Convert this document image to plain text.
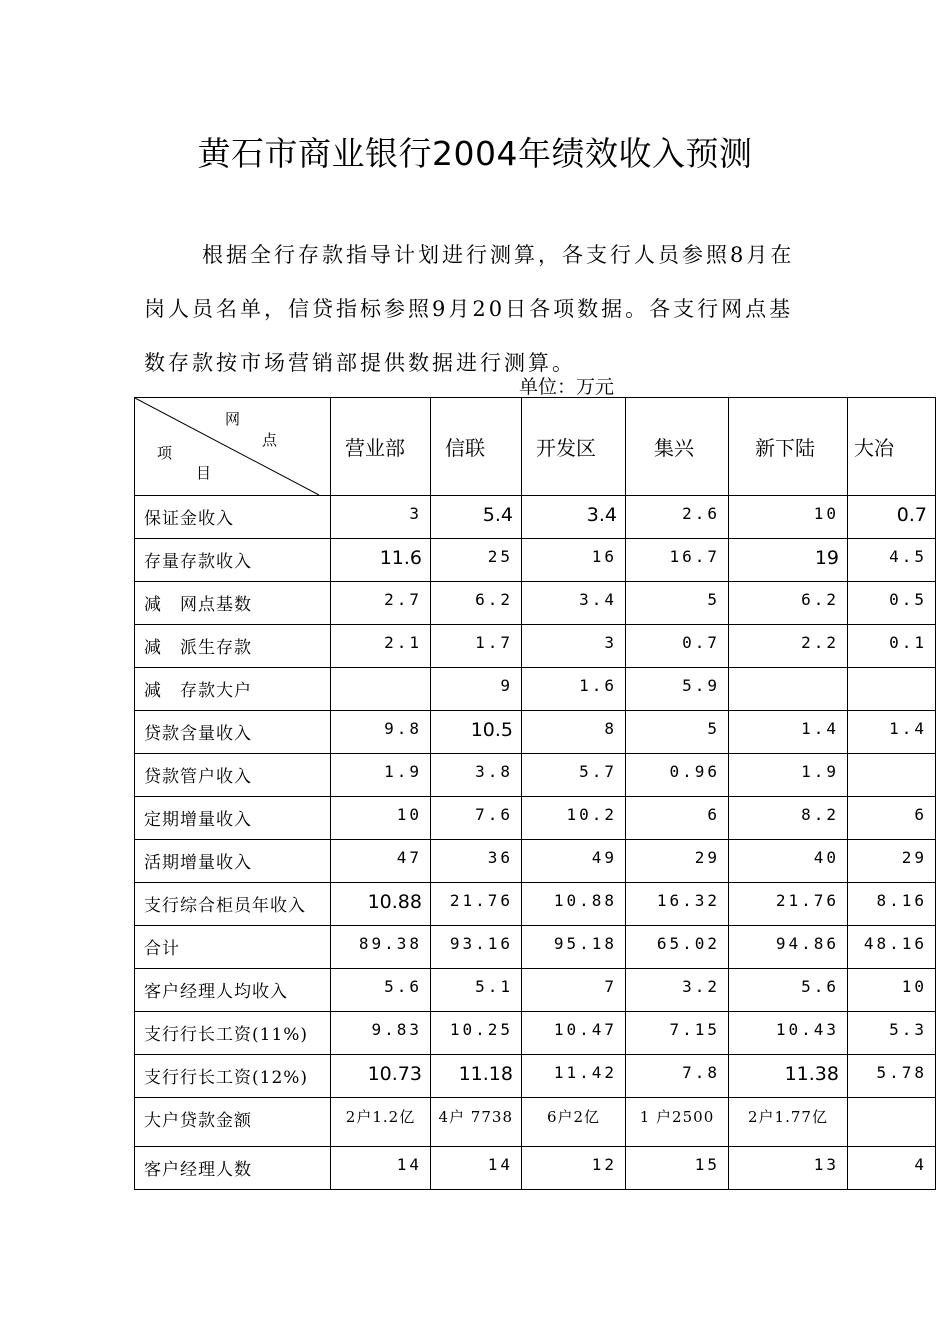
黄石市商业银行2004年绩效收入预测

根据全行存款指导计划进行测算，各支行人员参照8月在岗人员名单，信贷指标参照9月20日各项数据。各支行网点基数存款按市场营销部提供数据进行测算。

单位：万元
网
点
项
目	营业部	信联	开发区	集兴	新下陆	大冶
保证金收入	3	5.4	3.4	2.6	10	0.7
存量存款收入	11.6	25	16	16.7	19	4.5
减　网点基数	2.7	6.2	3.4	5	6.2	0.5
减　派生存款	2.1	1.7	3	0.7	2.2	0.1
减　存款大户		9	1.6	5.9		
贷款含量收入	9.8	10.5	8	5	1.4	1.4
贷款管户收入	1.9	3.8	5.7	0.96	1.9	
定期增量收入	10	7.6	10.2	6	8.2	6
活期增量收入	47	36	49	29	40	29
支行综合柜员年收入	10.88	21.76	10.88	16.32	21.76	8.16
合计	89.38	93.16	95.18	65.02	94.86	48.16
客户经理人均收入	5.6	5.1	7	3.2	5.6	10
支行行长工资(11%)	9.83	10.25	10.47	7.15	10.43	5.3
支行行长工资(12%)	10.73	11.18	11.42	7.8	11.38	5.78
大户贷款金额	2户1.2亿	4户 7738	6户2亿	1 户2500	2户1.77亿	
客户经理人数	14	14	12	15	13	4
